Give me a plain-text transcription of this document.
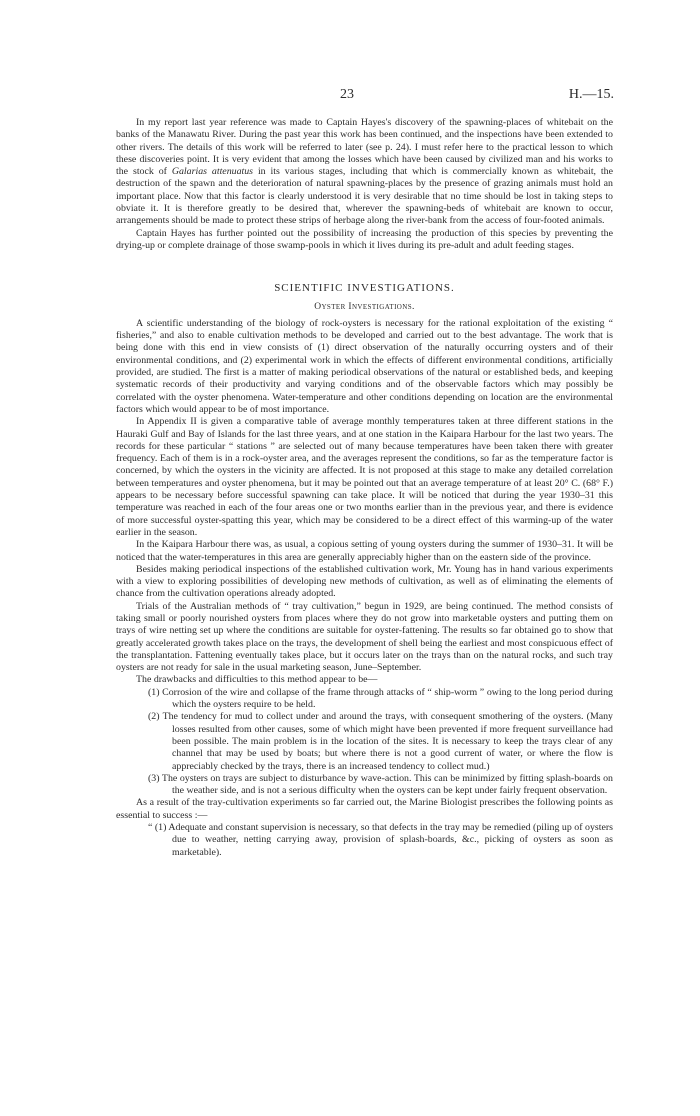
23	H.—15.

In my report last year reference was made to Captain Hayes's discovery of the spawning-places of whitebait on the banks of the Manawatu River. During the past year this work has been continued, and the inspections have been extended to other rivers. The details of this work will be referred to later (see p. 24). I must refer here to the practical lesson to which these discoveries point. It is very evident that among the losses which have been caused by civilized man and his works to the stock of Galarias attenuatus in its various stages, including that which is commercially known as whitebait, the destruction of the spawn and the deterioration of natural spawning-places by the presence of grazing animals must hold an important place. Now that this factor is clearly understood it is very desirable that no time should be lost in taking steps to obviate it. It is therefore greatly to be desired that, wherever the spawning-beds of whitebait are known to occur, arrangements should be made to protect these strips of herbage along the river-bank from the access of four-footed animals.

Captain Hayes has further pointed out the possibility of increasing the production of this species by preventing the drying-up or complete drainage of those swamp-pools in which it lives during its pre-adult and adult feeding stages.

SCIENTIFIC INVESTIGATIONS.

Oyster Investigations.

A scientific understanding of the biology of rock-oysters is necessary for the rational exploitation of the existing “ fisheries,” and also to enable cultivation methods to be developed and carried out to the best advantage. The work that is being done with this end in view consists of (1) direct observation of the naturally occurring oysters and of their environmental conditions, and (2) experimental work in which the effects of different environmental conditions, artificially provided, are studied. The first is a matter of making periodical observations of the natural or established beds, and keeping systematic records of their productivity and varying conditions and of the observable factors which may possibly be correlated with the oyster phenomena. Water-temperature and other conditions depending on location are the environmental factors which would appear to be of most importance.

In Appendix II is given a comparative table of average monthly temperatures taken at three different stations in the Hauraki Gulf and Bay of Islands for the last three years, and at one station in the Kaipara Harbour for the last two years. The records for these particular “ stations ” are selected out of many because temperatures have been taken there with greater frequency. Each of them is in a rock-oyster area, and the averages represent the conditions, so far as the temperature factor is concerned, by which the oysters in the vicinity are affected. It is not proposed at this stage to make any detailed correlation between temperatures and oyster phenomena, but it may be pointed out that an average temperature of at least 20° C. (68° F.) appears to be necessary before successful spawning can take place. It will be noticed that during the year 1930–31 this temperature was reached in each of the four areas one or two months earlier than in the previous year, and there is evidence of more successful oyster-spatting this year, which may be considered to be a direct effect of this warming-up of the water earlier in the season.

In the Kaipara Harbour there was, as usual, a copious setting of young oysters during the summer of 1930–31. It will be noticed that the water-temperatures in this area are generally appreciably higher than on the eastern side of the province.

Besides making periodical inspections of the established cultivation work, Mr. Young has in hand various experiments with a view to exploring possibilities of developing new methods of cultivation, as well as of eliminating the elements of chance from the cultivation operations already adopted.

Trials of the Australian methods of “ tray cultivation,” begun in 1929, are being continued. The method consists of taking small or poorly nourished oysters from places where they do not grow into marketable oysters and putting them on trays of wire netting set up where the conditions are suitable for oyster-fattening. The results so far obtained go to show that greatly accelerated growth takes place on the trays, the development of shell being the earliest and most conspicuous effect of the transplantation. Fattening eventually takes place, but it occurs later on the trays than on the natural rocks, and such tray oysters are not ready for sale in the usual marketing season, June–September.

The drawbacks and difficulties to this method appear to be—

(1) Corrosion of the wire and collapse of the frame through attacks of “ ship-worm ” owing to the long period during which the oysters require to be held.

(2) The tendency for mud to collect under and around the trays, with consequent smothering of the oysters. (Many losses resulted from other causes, some of which might have been prevented if more frequent surveillance had been possible. The main problem is in the location of the sites. It is necessary to keep the trays clear of any channel that may be used by boats; but where there is not a good current of water, or where the flow is appreciably checked by the trays, there is an increased tendency to collect mud.)

(3) The oysters on trays are subject to disturbance by wave-action. This can be minimized by fitting splash-boards on the weather side, and is not a serious difficulty when the oysters can be kept under fairly frequent observation.

As a result of the tray-cultivation experiments so far carried out, the Marine Biologist prescribes the following points as essential to success :—

“ (1) Adequate and constant supervision is necessary, so that defects in the tray may be remedied (piling up of oysters due to weather, netting carrying away, provision of splash-boards, &c., picking of oysters as soon as marketable).
